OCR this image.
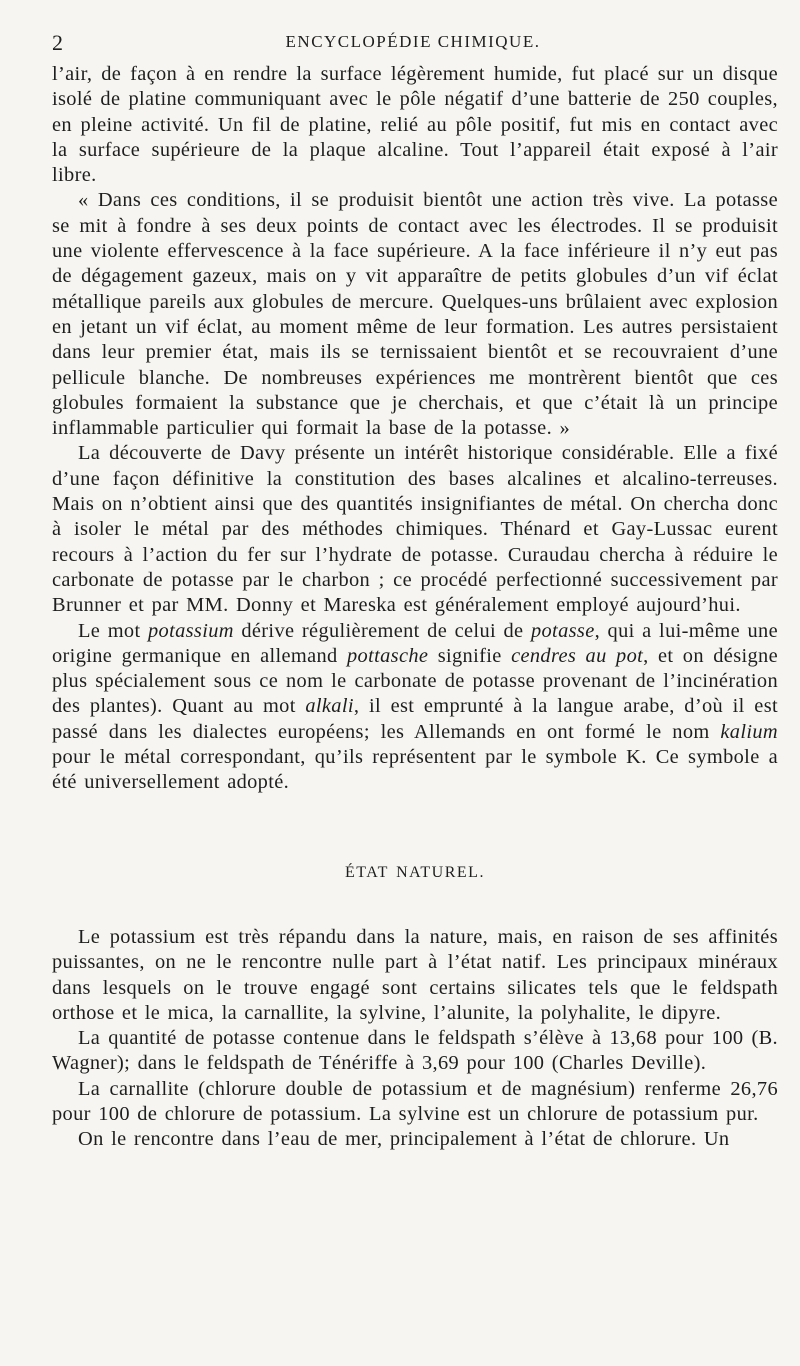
2	ENCYCLOPÉDIE CHIMIQUE.

l’air, de façon à en rendre la surface légèrement humide, fut placé sur un disque isolé de platine communiquant avec le pôle négatif d’une batterie de 250 couples, en pleine activité. Un fil de platine, relié au pôle positif, fut mis en contact avec la surface supérieure de la plaque alcaline. Tout l’appareil était exposé à l’air libre.

« Dans ces conditions, il se produisit bientôt une action très vive. La potasse se mit à fondre à ses deux points de contact avec les électrodes. Il se produisit une violente effervescence à la face supérieure. A la face inférieure il n’y eut pas de dégagement gazeux, mais on y vit apparaître de petits globules d’un vif éclat métallique pareils aux globules de mercure. Quelques-uns brûlaient avec explosion en jetant un vif éclat, au moment même de leur formation. Les autres persistaient dans leur premier état, mais ils se ternissaient bientôt et se recouvraient d’une pellicule blanche. De nombreuses expériences me montrèrent bientôt que ces globules formaient la substance que je cherchais, et que c’était là un principe inflammable particulier qui formait la base de la potasse. »

La découverte de Davy présente un intérêt historique considérable. Elle a fixé d’une façon définitive la constitution des bases alcalines et alcalino-terreuses. Mais on n’obtient ainsi que des quantités insignifiantes de métal. On chercha donc à isoler le métal par des méthodes chimiques. Thénard et Gay-Lussac eurent recours à l’action du fer sur l’hydrate de potasse. Curaudau chercha à réduire le carbonate de potasse par le charbon ; ce procédé perfectionné successivement par Brunner et par MM. Donny et Mareska est généralement employé aujourd’hui.

Le mot potassium dérive régulièrement de celui de potasse, qui a lui-même une origine germanique en allemand pottasche signifie cendres au pot, et on désigne plus spécialement sous ce nom le carbonate de potasse provenant de l’incinération des plantes). Quant au mot alkali, il est emprunté à la langue arabe, d’où il est passé dans les dialectes européens; les Allemands en ont formé le nom kalium pour le métal correspondant, qu’ils représentent par le symbole K. Ce symbole a été universellement adopté.

ÉTAT NATUREL.

Le potassium est très répandu dans la nature, mais, en raison de ses affinités puissantes, on ne le rencontre nulle part à l’état natif. Les principaux minéraux dans lesquels on le trouve engagé sont certains silicates tels que le feldspath orthose et le mica, la carnallite, la sylvine, l’alunite, la polyhalite, le dipyre.

La quantité de potasse contenue dans le feldspath s’élève à 13,68 pour 100 (B. Wagner); dans le feldspath de Ténériffe à 3,69 pour 100 (Charles Deville).

La carnallite (chlorure double de potassium et de magnésium) renferme 26,76 pour 100 de chlorure de potassium. La sylvine est un chlorure de potassium pur.

On le rencontre dans l’eau de mer, principalement à l’état de chlorure. Un
